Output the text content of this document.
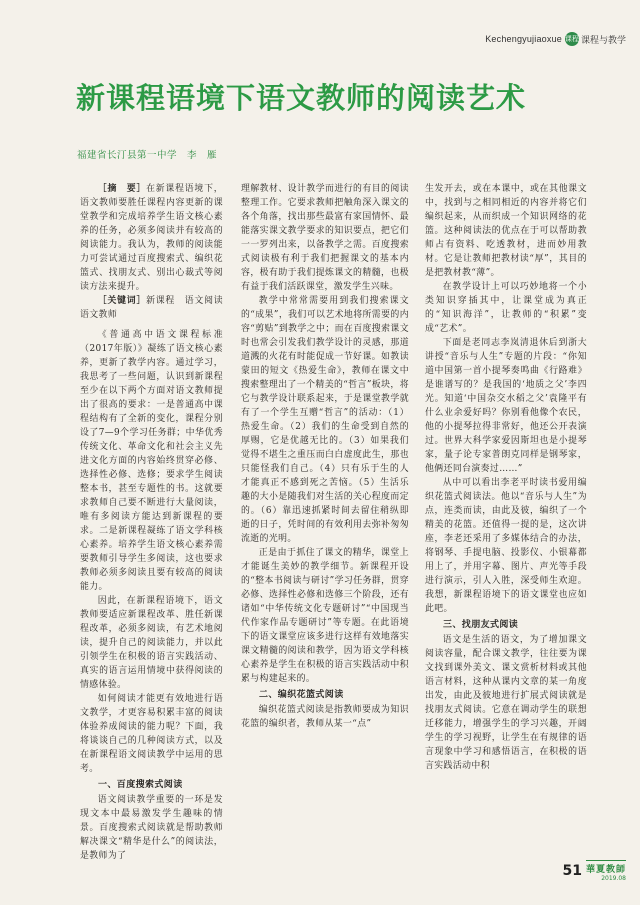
Kechengyujiaoxue 课程 课程与教学
新课程语境下语文教师的阅读艺术
福建省长汀县第一中学　李　雁

［摘　要］在新课程语境下，语文教师要胜任课程内容更新的课堂教学和完成培养学生语文核心素养的任务，必须多阅读并有较高的阅读能力。我认为，教师的阅读能力可尝试通过百度搜索式、编织花篮式、找朋友式、别出心裁式等阅读方法来提升。

［关键词］新课程　语文阅读　语文教师

《普通高中语文课程标准（2017年版）》凝练了语文核心素养，更新了教学内容。通过学习，我思考了一些问题，认识到新课程至少在以下两个方面对语文教师提出了很高的要求：一是普通高中课程结构有了全新的变化，课程分别设了7—9个学习任务群；中华优秀传统文化、革命文化和社会主义先进文化方面的内容始终贯穿必修、选择性必修、选修；要求学生阅读整本书，甚至专题性的书。这就要求教师自己要不断进行大量阅读，唯有多阅读方能达到新课程的要求。二是新课程凝练了语文学科核心素养。培养学生语文核心素养需要教师引导学生多阅读，这也要求教师必须多阅读且要有较高的阅读能力。

因此，在新课程语境下，语文教师要适应新课程改革、胜任新课程改革，必须多阅读，有艺术地阅读，提升自己的阅读能力，并以此引领学生在积极的语言实践活动、真实的语言运用情境中获得阅读的情感体验。

如何阅读才能更有效地进行语文教学，才更容易积累丰富的阅读体验养成阅读的能力呢？下面，我将谈谈自己的几种阅读方式，以及在新课程语文阅读教学中运用的思考。

一、百度搜索式阅读

语文阅读教学重要的一环是发现文本中最易激发学生趣味的情景。百度搜索式阅读就是帮助教师解决课文“精华是什么”的阅读法，是教师为了

理解教材、设计教学而进行的有目的阅读整理工作。它要求教师把触角深入课文的各个角落，找出那些最富有家国情怀、最能落实课文教学要求的知识要点，把它们一一罗列出来，以备教学之需。百度搜索式阅读极有利于我们把握课文的基本内容，极有助于我们提炼课文的精髓，也极有益于我们活跃课堂，激发学生兴味。

教学中常常需要用到我们搜索课文的“成果”，我们可以艺术地将所需要的内容“剪贴”到教学之中；而在百度搜索课文时也常会引发我们教学设计的灵感，那道道溅的火花有时能促成一节好课。如教读蒙田的短文《热爱生命》，教师在课文中搜索整理出了一个精美的“哲言”板块，将它与教学设计联系起来，于是课堂教学就有了一个学生互赠“哲言”的活动：（1）热爱生命。（2）我们的生命受到自然的厚赐，它是优越无比的。（3）如果我们觉得不堪生之重压而白白虚度此生，那也只能怪我们自己。（4）只有乐于生的人才能真正不感到死之苦恼。（5）生活乐趣的大小是随我们对生活的关心程度而定的。（6）靠迅速抓紧时间去留住稍纵即逝的日子，凭时间的有效利用去弥补匆匆流逝的光明。

正是由于抓住了课文的精华，课堂上才能诞生美妙的教学细节。新课程开设的“整本书阅读与研讨”学习任务群，贯穿必修、选择性必修和选修三个阶段，还有诸如“中华传统文化专题研讨”“中国现当代作家作品专题研讨”等专题。在此语境下的语文课堂应该多进行这样有效地落实课文精髓的阅读和教学，因为语文学科核心素养是学生在积极的语言实践活动中积累与构建起来的。

二、编织花篮式阅读

编织花篮式阅读是指教师要成为知识花篮的编织者，教师从某一“点”

生发开去，或在本课中，或在其他课文中，找到与之相同相近的内容并将它们编织起来，从而织成一个知识网络的花篮。这种阅读法的优点在于可以帮助教师占有资料、吃透教材，进而妙用教材。它是让教师把教材读“厚”，其目的是把教材教“薄”。

在教学设计上可以巧妙地将一个小类知识穿插其中，让课堂成为真正的“知识海洋”，让教师的“积累”变成“艺术”。

下面是老同志李岚清退休后到浙大讲授“音乐与人生”专题的片段：“你知道中国第一首小提琴奏鸣曲《行路难》是谁谱写的？是我国的‘地质之父’李四光。知道‘中国杂交水稻之父’袁隆平有什么业余爱好吗？你别看他像个农民，他的小提琴拉得非常好，他还公开表演过。世界大科学家爱因斯坦也是小提琴家，量子论专家普朗克同样是钢琴家，他俩还同台演奏过……”

从中可以看出李老平时读书爱用编织花篮式阅读法。他以“音乐与人生”为点，连类而读，由此及彼，编织了一个精美的花篮。还值得一提的是，这次讲座，李老还采用了多媒体结合的办法，将钢琴、手提电脑、投影仪、小银幕都用上了，并用字幕、图片、声光等手段进行演示，引人入胜，深受师生欢迎。我想，新课程语境下的语文课堂也应如此吧。

三、找朋友式阅读

语文是生活的语文，为了增加课文阅读容量，配合课文教学，往往要为课文找到课外美文、课文赏析材料或其他语言材料，这种从课内文章的某一角度出发，由此及彼地进行扩展式阅读就是找朋友式阅读。它意在调动学生的联想迁移能力，增强学生的学习兴趣，开阔学生的学习视野，让学生在有规律的语言现象中学习和感悟语言，在积极的语言实践活动中积

51 華夏教師
2019.08
